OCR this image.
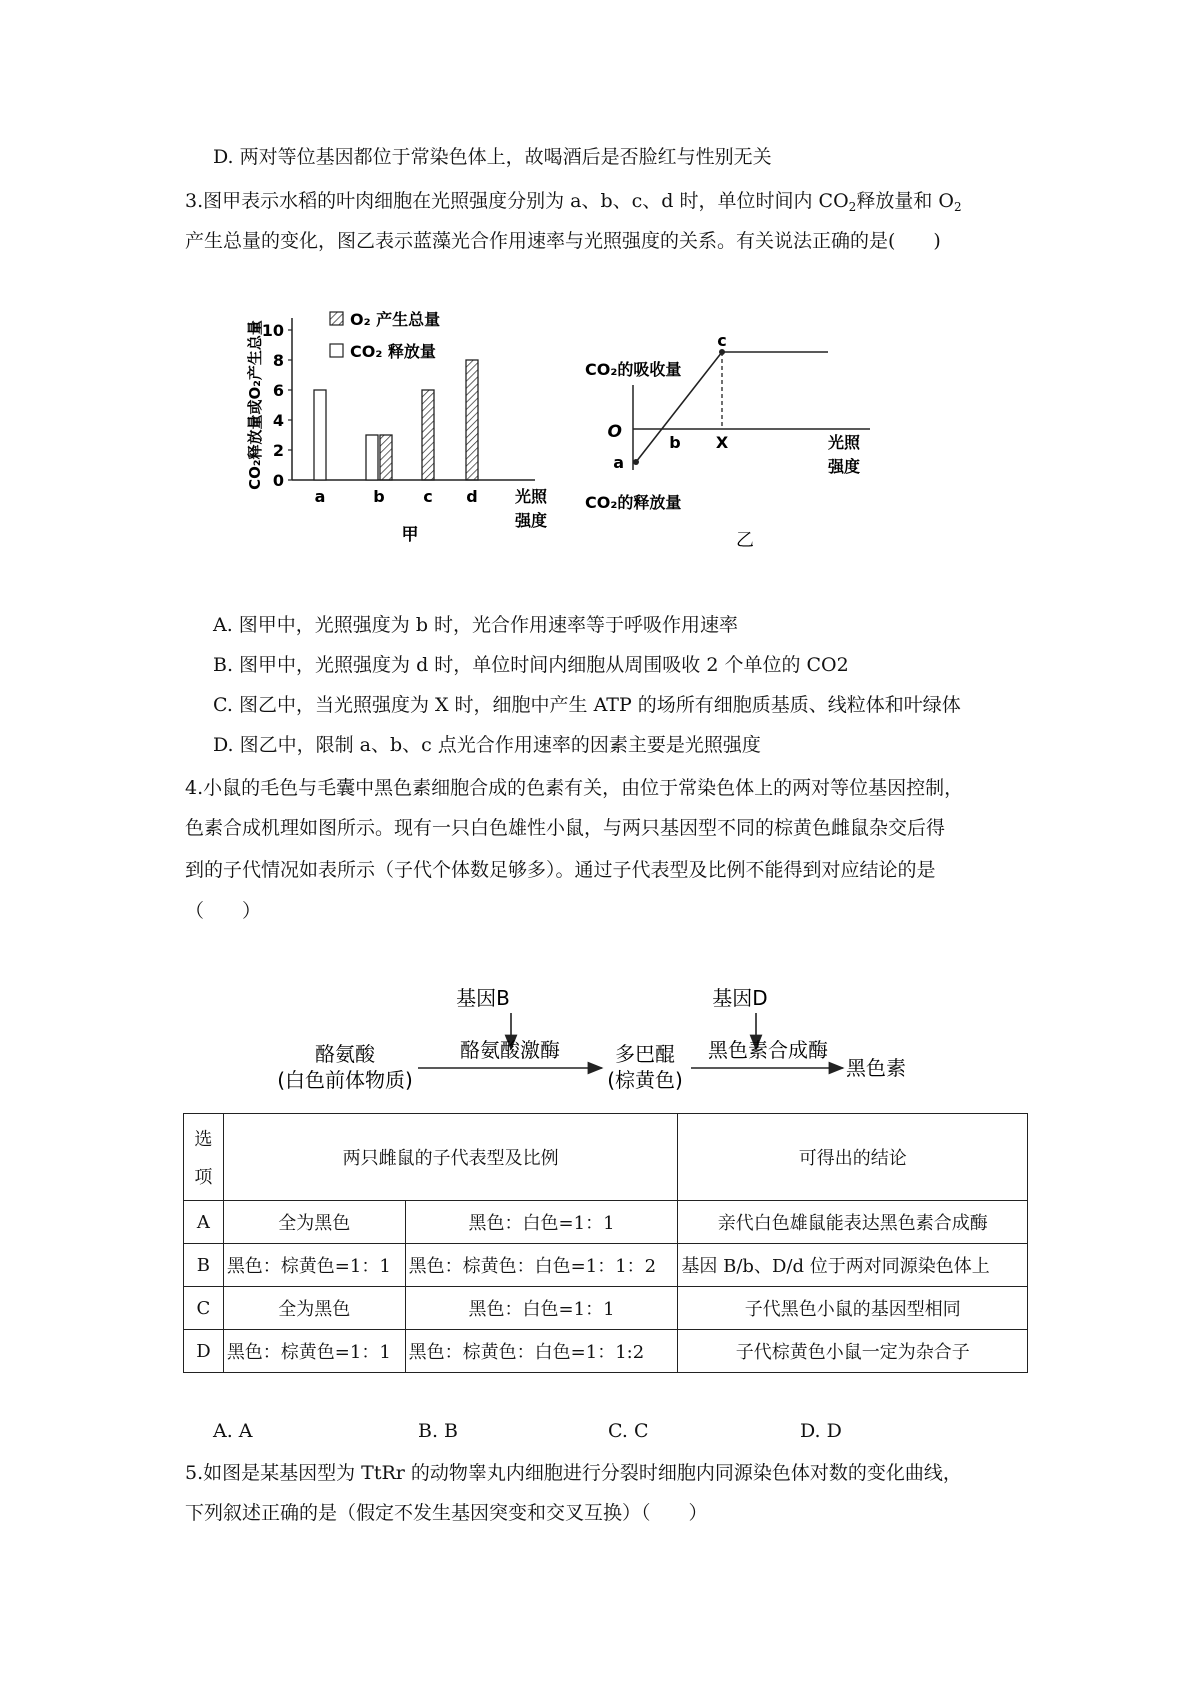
D. 两对等位基因都位于常染色体上，故喝酒后是否脸红与性别无关
3.图甲表示水稻的叶肉细胞在光照强度分别为 a、b、c、d 时，单位时间内 $CO_2$释放量和 $O_2$
产生总量的变化，图乙表示蓝藻光合作用速率与光照强度的关系。有关说法正确的是(　　)
0
2
4
6
8
10
CO₂释放量或O₂产生总量
a	b c d
O₂ 产生总量
CO₂ 释放量
光照
强度
甲
CO₂的吸收量
CO₂的释放量
O
a
b
c
X	光照
强度
乙
A. 图甲中，光照强度为 b 时，光合作用速率等于呼吸作用速率
B. 图甲中，光照强度为 d 时，单位时间内细胞从周围吸收 2 个单位的 CO2
C. 图乙中，当光照强度为 X 时，细胞中产生 ATP 的场所有细胞质基质、线粒体和叶绿体
D. 图乙中，限制 a、b、c 点光合作用速率的因素主要是光照强度
4.小鼠的毛色与毛囊中黑色素细胞合成的色素有关，由位于常染色体上的两对等位基因控制，
色素合成机理如图所示。现有一只白色雄性小鼠，与两只基因型不同的棕黄色雌鼠杂交后得
到的子代情况如表所示（子代个体数足够多）。通过子代表型及比例不能得到对应结论的是
（　　）
基因B	基因D
酪氨酸
(白色前体物质)
酪氨酸激酶	多巴醌
(棕黄色)
黑色素合成酶
黑色素
选
项	两只雌鼠的子代表型及比例		可得出的结论
A	全为黑色	黑色：白色=1：1	亲代白色雄鼠能表达黑色素合成酶
B	黑色：棕黄色=1：1	黑色：棕黄色：白色=1：1：2	基因 B/b、D/d 位于两对同源染色体上
C	全为黑色	黑色：白色=1：1	子代黑色小鼠的基因型相同
D	黑色：棕黄色=1：1	黑色：棕黄色：白色=1：1:2	子代棕黄色小鼠一定为杂合子
A. A	B. B	C. C	D. D
5.如图是某基因型为 TtRr 的动物睾丸内细胞进行分裂时细胞内同源染色体对数的变化曲线，
下列叙述正确的是（假定不发生基因突变和交叉互换）（　　）
